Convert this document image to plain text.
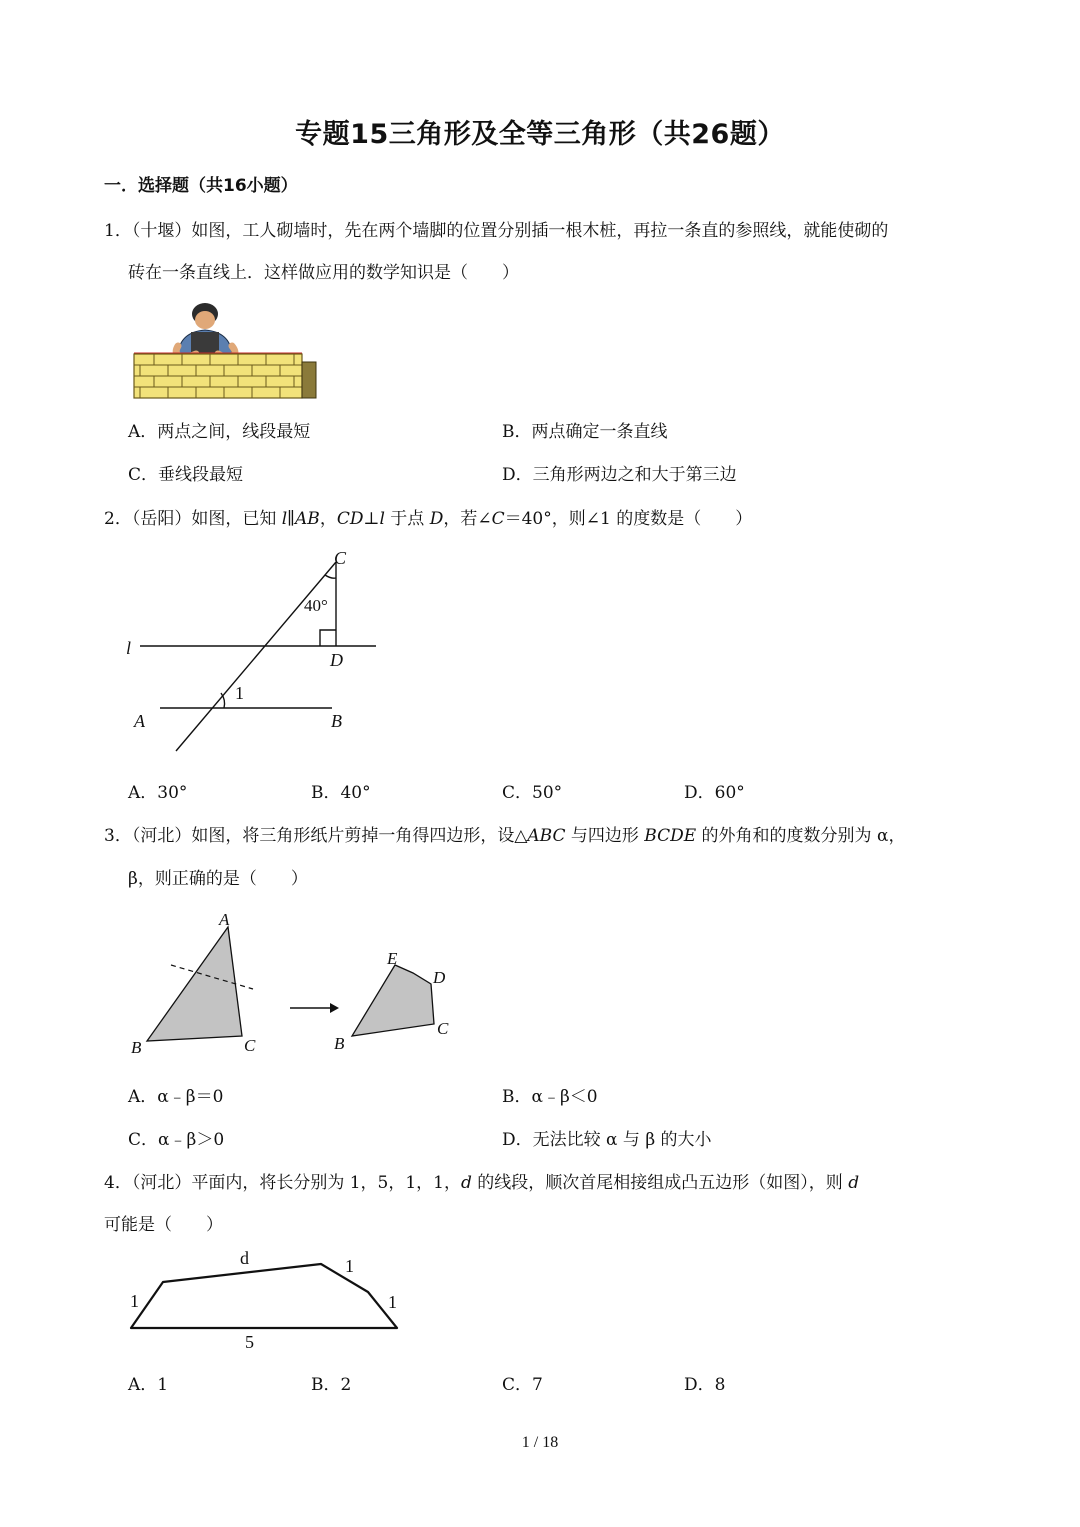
专题15三角形及全等三角形（共26题）
一．选择题（共16小题）
1．（十堰）如图，工人砌墙时，先在两个墙脚的位置分别插一根木桩，再拉一条直的参照线，就能使砌的
砖在一条直线上．这样做应用的数学知识是（　　）
A．两点之间，线段最短	B．两点确定一条直线
C．垂线段最短	D．三角形两边之和大于第三边
2．（岳阳）如图，已知 l∥AB，CD⊥l 于点 D，若∠C＝40°，则∠1 的度数是（　　）
C
40°
l
D
1
A	B
A．30°	B．40°	C．50°	D．60°
3．（河北）如图，将三角形纸片剪掉一角得四边形，设△ABC 与四边形 BCDE 的外角和的度数分别为 α，
β，则正确的是（　　）
A
B	C
E
D
B
C
A．α﹣β＝0	B．α﹣β＜0
C．α﹣β＞0	D．无法比较 α 与 β 的大小
4．（河北）平面内，将长分别为 1，5，1，1，d 的线段，顺次首尾相接组成凸五边形（如图），则 d
可能是（　　）
d	1
1	1
5
A．1	B．2	C．7	D．8
1 / 18
